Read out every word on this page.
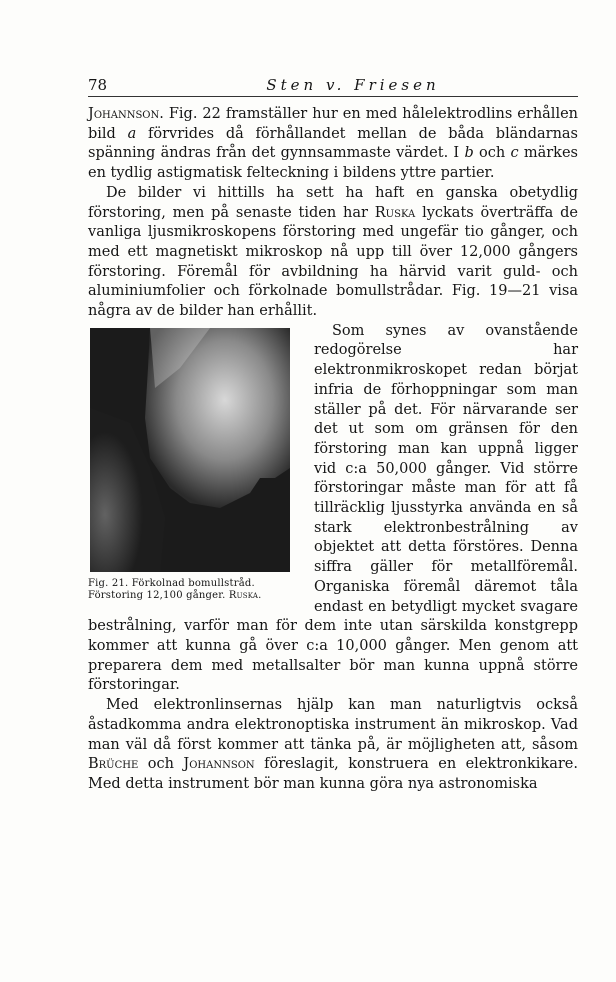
78	Sten v. Friesen

Johannson. Fig. 22 framställer hur en med hålelektrodlins erhållen bild a förvrides då förhållandet mellan de båda bländarnas spänning ändras från det gynnsammaste värdet. I b och c märkes en tydlig astigmatisk felteckning i bildens yttre partier.

De bilder vi hittills ha sett ha haft en ganska obetydlig förstoring, men på senaste tiden har Ruska lyckats överträffa de vanliga ljusmikroskopens förstoring med ungefär tio gånger, och med ett magnetiskt mikroskop nå upp till över 12,000 gångers förstoring. Föremål för avbildning ha härvid varit guld- och aluminiumfolier och förkolnade bomullstrådar. Fig. 19—21 visa några av de bilder han erhållit.

Fig. 21. Förkolnad bomullstråd.
Förstoring 12,100 gånger. Ruska.

Som synes av ovanstående redogörelse har elektronmikroskopet redan börjat infria de förhoppningar som man ställer på det. För närvarande ser det ut som om gränsen för den förstoring man kan uppnå ligger vid c:a 50,000 gånger. Vid större förstoringar måste man för att få tillräcklig ljusstyrka använda en så stark elektronbestrålning av objektet att detta förstöres. Denna siffra gäller för metallföremål. Organiska föremål däremot tåla endast en betydligt mycket svagare bestrålning, varför man för dem inte utan särskilda konstgrepp kommer att kunna gå över c:a 10,000 gånger. Men genom att preparera dem med metallsalter bör man kunna uppnå större förstoringar.

Med elektronlinsernas hjälp kan man naturligtvis också åstadkomma andra elektronoptiska instrument än mikroskop. Vad man väl då först kommer att tänka på, är möjligheten att, såsom Brüche och Johannson föreslagit, konstruera en elektronkikare. Med detta instrument bör man kunna göra nya astronomiska
